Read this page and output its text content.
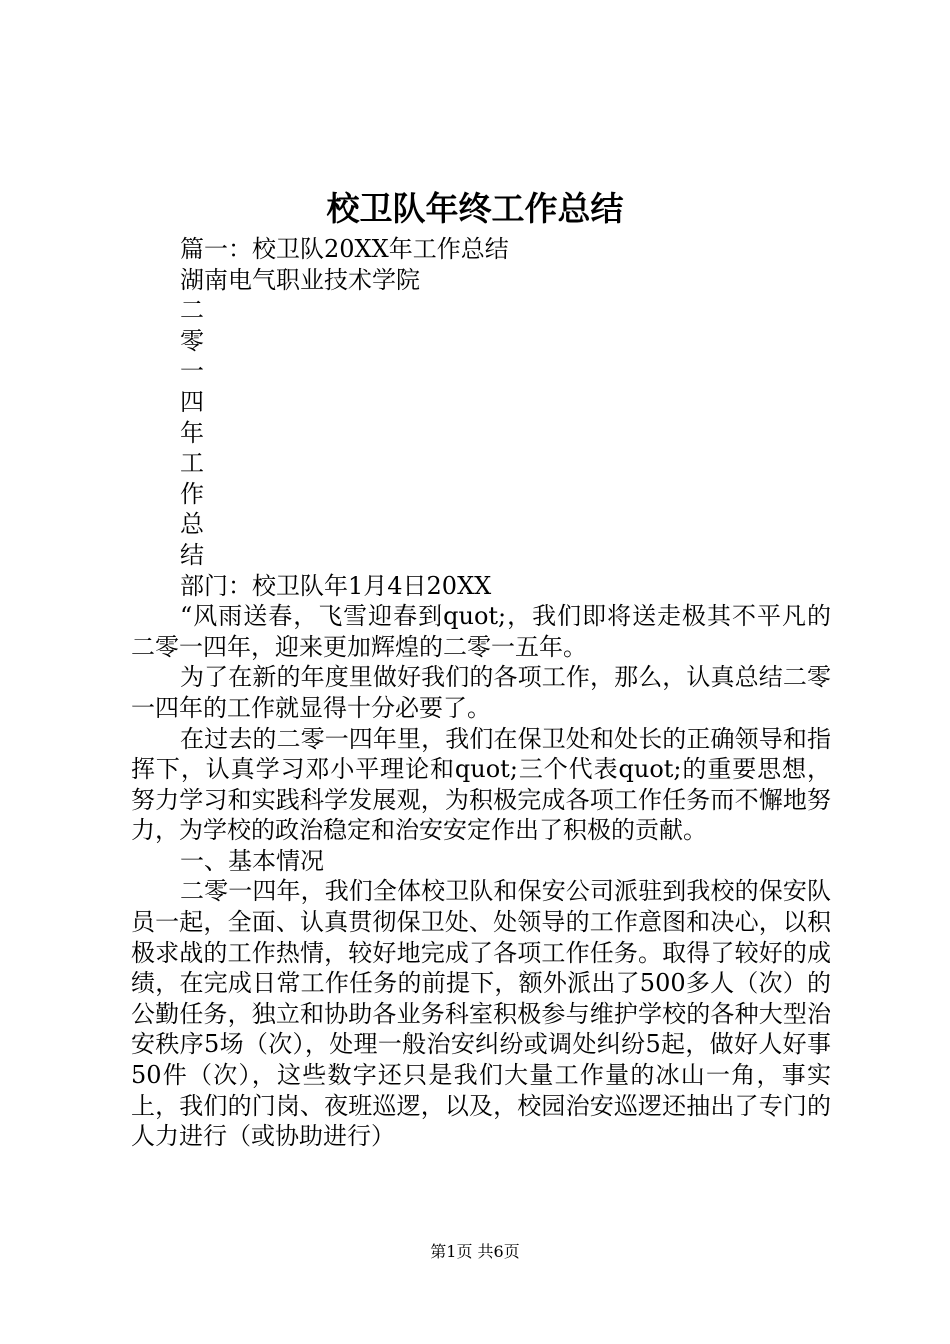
校卫队年终工作总结
篇一：校卫队20XX年工作总结
湖南电气职业技术学院
二
零
一
四
年
工
作
总
结
部门：校卫队年1月4日20XX

“风雨送春，飞雪迎春到quot;，我们即将送走极其不平凡的二零一四年，迎来更加辉煌的二零一五年。

为了在新的年度里做好我们的各项工作，那么，认真总结二零一四年的工作就显得十分必要了。

在过去的二零一四年里，我们在保卫处和处长的正确领导和指挥下，认真学习邓小平理论和quot;三个代表quot;的重要思想，努力学习和实践科学发展观，为积极完成各项工作任务而不懈地努力，为学校的政治稳定和治安安定作出了积极的贡献。

一、基本情况

二零一四年，我们全体校卫队和保安公司派驻到我校的保安队员一起，全面、认真贯彻保卫处、处领导的工作意图和决心，以积极求战的工作热情，较好地完成了各项工作任务。取得了较好的成绩，在完成日常工作任务的前提下，额外派出了500多人（次）的公勤任务，独立和协助各业务科室积极参与维护学校的各种大型治安秩序5场（次），处理一般治安纠纷或调处纠纷5起，做好人好事50件（次），这些数字还只是我们大量工作量的冰山一角，事实上，我们的门岗、夜班巡逻，以及，校园治安巡逻还抽出了专门的人力进行（或协助进行）

第1页 共6页
